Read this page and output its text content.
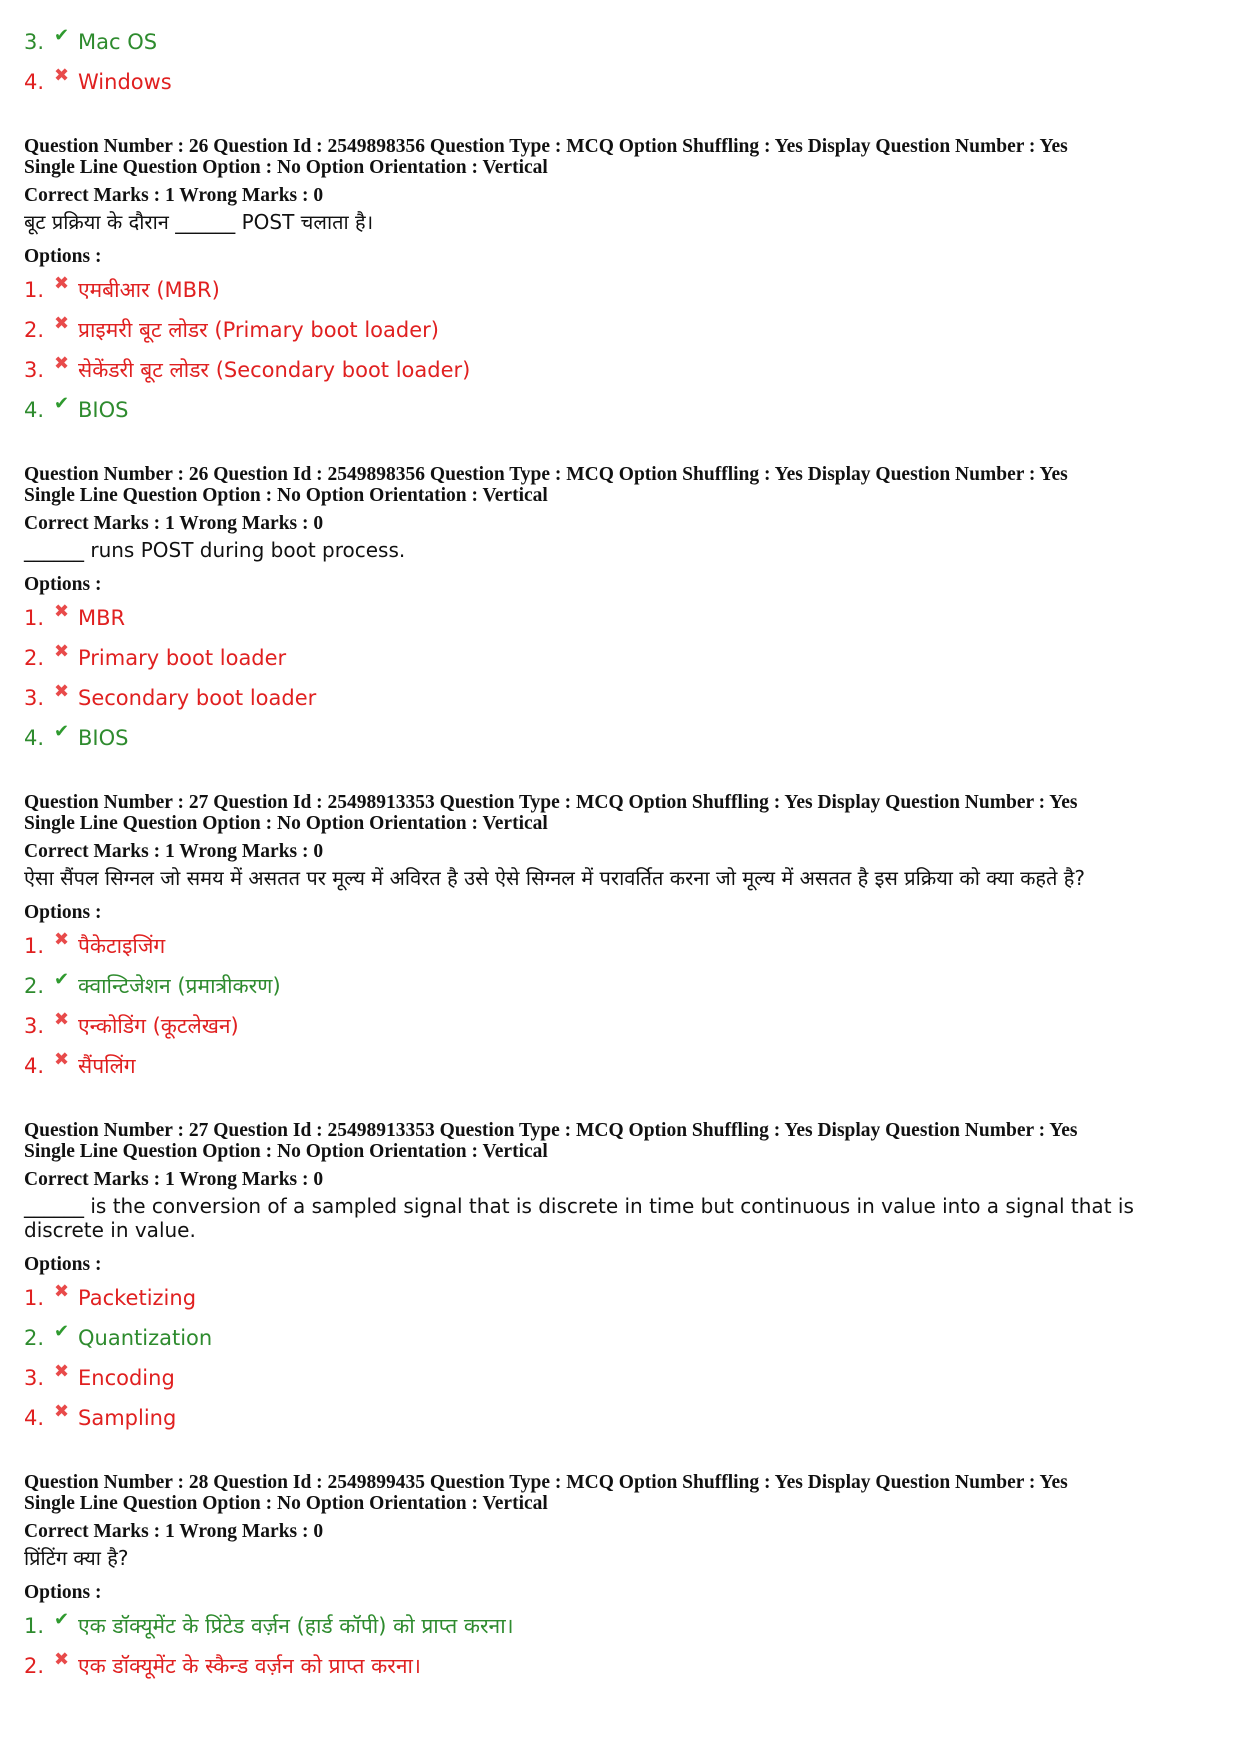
3. ✔ Mac OS
4. ✖ Windows
Question Number : 26 Question Id : 2549898356 Question Type : MCQ Option Shuffling : Yes Display Question Number : Yes
Single Line Question Option : No Option Orientation : Vertical
Correct Marks : 1 Wrong Marks : 0
बूट प्रक्रिया के दौरान ______ POST चलाता है।
Options :
1. ✖ एमबीआर (MBR)
2. ✖ प्राइमरी बूट लोडर (Primary boot loader)
3. ✖ सेकेंडरी बूट लोडर (Secondary boot loader)
4. ✔ BIOS
Question Number : 26 Question Id : 2549898356 Question Type : MCQ Option Shuffling : Yes Display Question Number : Yes
Single Line Question Option : No Option Orientation : Vertical
Correct Marks : 1 Wrong Marks : 0
______ runs POST during boot process.
Options :
1. ✖ MBR
2. ✖ Primary boot loader
3. ✖ Secondary boot loader
4. ✔ BIOS
Question Number : 27 Question Id : 25498913353 Question Type : MCQ Option Shuffling : Yes Display Question Number : Yes
Single Line Question Option : No Option Orientation : Vertical
Correct Marks : 1 Wrong Marks : 0
ऐसा सैंपल सिग्नल जो समय में असतत पर मूल्य में अविरत है उसे ऐसे सिग्नल में परावर्तित करना जो मूल्य में असतत है इस प्रक्रिया को क्या कहते है?
Options :
1. ✖ पैकेटाइजिंग
2. ✔ क्वान्टिजेशन (प्रमात्रीकरण)
3. ✖ एन्कोडिंग (कूटलेखन)
4. ✖ सैंपलिंग
Question Number : 27 Question Id : 25498913353 Question Type : MCQ Option Shuffling : Yes Display Question Number : Yes
Single Line Question Option : No Option Orientation : Vertical
Correct Marks : 1 Wrong Marks : 0
______ is the conversion of a sampled signal that is discrete in time but continuous in value into a signal that is discrete in value.
Options :
1. ✖ Packetizing
2. ✔ Quantization
3. ✖ Encoding
4. ✖ Sampling
Question Number : 28 Question Id : 2549899435 Question Type : MCQ Option Shuffling : Yes Display Question Number : Yes
Single Line Question Option : No Option Orientation : Vertical
Correct Marks : 1 Wrong Marks : 0
प्रिंटिंग क्या है?
Options :
1. ✔ एक डॉक्यूमेंट के प्रिंटेड वर्ज़न (हार्ड कॉपी) को प्राप्त करना।
2. ✖ एक डॉक्यूमेंट के स्कैन्ड वर्ज़न को प्राप्त करना।
